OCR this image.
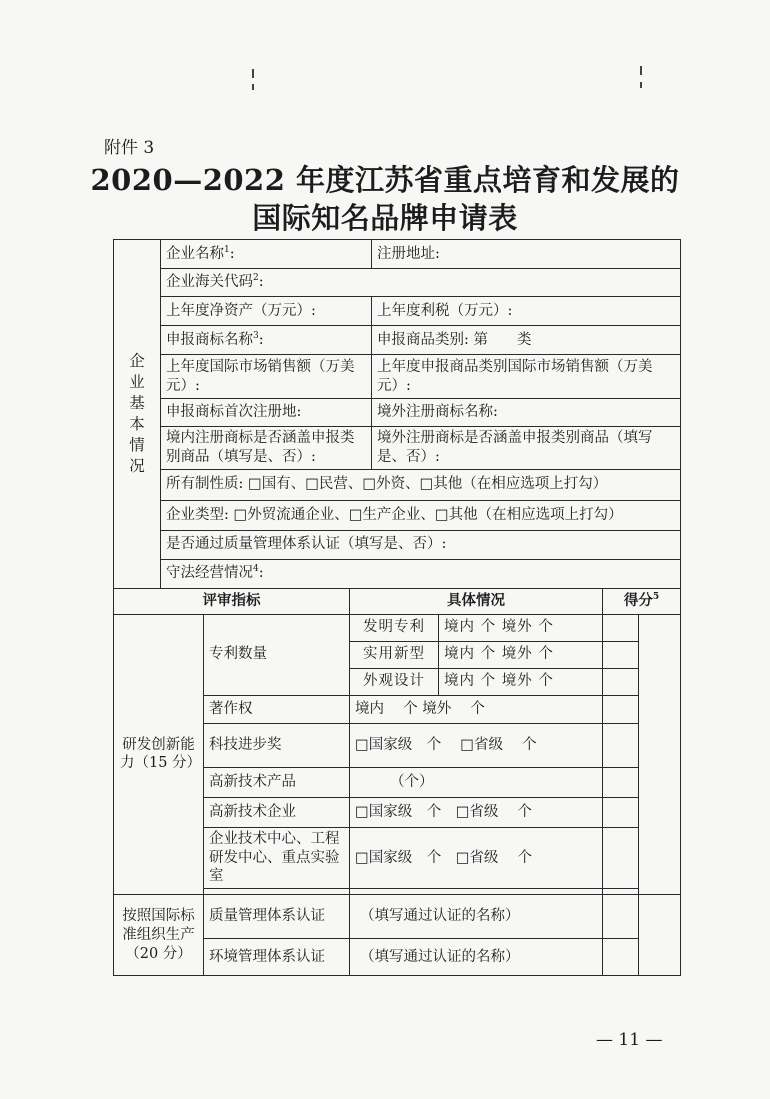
附件 3
2020—2022 年度江苏省重点培育和发展的
国际知名品牌申请表
企业基本情况	企业名称$^1$:			注册地址:			
	企业海关代码$^2$:						
	上年度净资产（万元）:			上年度利税（万元）:			
	申报商标名称$^3$:			申报商品类别: 第　　类			
	上年度国际市场销售额（万美元）:			上年度申报商品类别国际市场销售额（万美元）:			
	申报商标首次注册地:			境外注册商标名称:			
	境内注册商标是否涵盖申报类别商品（填写是、否）:			境外注册商标是否涵盖申报类别商品（填写是、否）:			
	所有制性质: □国有、□民营、□外资、□其他（在相应选项上打勾）						
	企业类型: □外贸流通企业、□生产企业、□其他（在相应选项上打勾）						
	是否通过质量管理体系认证（填写是、否）:						
	守法经营情况$^4$:						
评审指标			具体情况			得分$^5$
研发创新能力（15 分）		专利数量	发明专利		境内 个 境外 个		
			实用新型		境内 个 境外 个		
			外观设计		境内 个 境外 个		
		著作权	境内　 个 境外　 个				
		科技进步奖	□国家级　个　 □省级　 个				
		高新技术产品	（个）				
		高新技术企业	□国家级　个　□省级　 个				
		企业技术中心、工程研发中心、重点实验室	□国家级　个　□省级　 个				

按照国际标准组织生产（20 分）		质量管理体系认证	（填写通过认证的名称）				
		环境管理体系认证	（填写通过认证的名称）				
— 11 —
